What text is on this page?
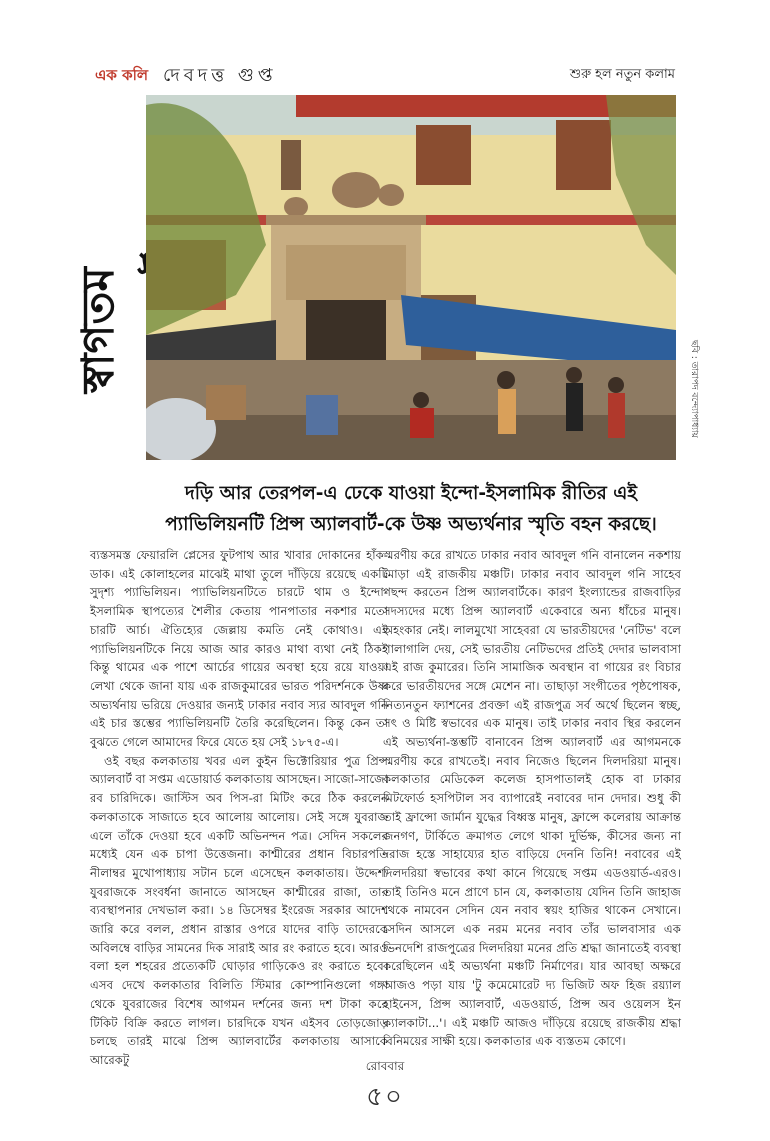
এক কলি দেবদত্ত গুপ্ত	শুরু হল নতুন কলাম
স্বাগতম	ছবি : তারাপদ বন্দ্যোপাধ্যায়
দড়ি আর তেরপল-এ ঢেকে যাওয়া ইন্দো-ইসলামিক রীতির এই প্যাভিলিয়নটি প্রিন্স অ্যালবার্ট-কে উষ্ণ অভ্যর্থনার স্মৃতি বহন করছে।

ব্যস্তসমস্ত ফেয়ারলি প্লেসের ফুটপাথ আর খাবার দোকানের হাঁক-ডাক। এই কোলাহলের মাঝেই মাথা তুলে দাঁড়িয়ে রয়েছে একটি সুদৃশ্য প্যাভিলিয়ন। প্যাভিলিয়নটিতে চারটে থাম ও ইন্দো-ইসলামিক স্থাপত্যের শৈলীর কেতায় পানপাতার নকশার মতো চারটি আর্চ। ঐতিহ্যের জেল্লায় কমতি নেই কোথাও। এই প্যাভিলিয়নটিকে নিয়ে আজ আর কারও মাথা ব্যথা নেই ঠিকই কিন্তু থামের এক পাশে আর্চের গায়ের অবস্থা হয়ে রয়ে যাওয়া লেখা থেকে জানা যায় এক রাজকুমারের ভারত পরিদর্শনকে উষ্ণ অভ্যর্থনায় ভরিয়ে দেওয়ার জন্যই ঢাকার নবাব স্যর আবদুল গনি এই চার স্তম্ভের প্যাভিলিয়নটি তৈরি করেছিলেন। কিন্তু কেন তা বুঝতে গেলে আমাদের ফিরে যেতে হয় সেই ১৮৭৫-এ।

ওই বছর কলকাতায় খবর এল কুইন ভিক্টোরিয়ার পুত্র প্রিন্স অ্যালবার্ট বা সপ্তম এডোয়ার্ড কলকাতায় আসছেন। সাজো-সাজো রব চারিদিকে। জাস্টিস অব পিস-রা মিটিং করে ঠিক করলেন কলকাতাকে সাজাতে হবে আলোয় আলোয়। সেই সঙ্গে যুবরাজ এলে তাঁকে দেওয়া হবে একটি অভিনন্দন পত্র। সেদিন সকলের মধ্যেই যেন এক চাপা উত্তেজনা। কাশ্মীরের প্রধান বিচারপতি নীলাম্বর মুখোপাধ্যায় সটান চলে এসেছেন কলকাতায়। উদ্দেশ্য যুবরাজকে সংবর্ধনা জানাতে আসছেন কাশ্মীরের রাজা, তার ব্যবস্থাপনার দেখভাল করা। ১৪ ডিসেম্বর ইংরেজ সরকার আদেশ জারি করে বলল, প্রধান রাস্তার ওপরে যাদের বাড়ি তাদেরকে অবিলম্বে বাড়ির সামনের দিক সারাই আর রং করাতে হবে। আরও বলা হল শহরের প্রত্যেকটি ঘোড়ার গাড়িকেও রং করাতে হবে। এসব দেখে কলকাতার বিলিতি স্টিমার কোম্পানিগুলো গঙ্গা থেকে যুবরাজের বিশেষ আগমন দর্শনের জন্য দশ টাকা করে টিকিট বিক্রি করতে লাগল। চারদিকে যখন এইসব তোড়জোড় চলছে তারই মাঝে প্রিন্স অ্যালবার্টের কলকাতায় আসাকে আরেকটু

স্মরণীয় করে রাখতে ঢাকার নবাব আবদুল গনি বানালেন নকশায় মোড়া এই রাজকীয় মঞ্চটি। ঢাকার নবাব আবদুল গনি সাহেব পছন্দ করতেন প্রিন্স অ্যালবার্টকে। কারণ ইংল্যান্ডের রাজবাড়ির সদস্যদের মধ্যে প্রিন্স অ্যালবার্ট একেবারে অন্য ধাঁচের মানুষ। অহংকার নেই। লালমুখো সাহেবরা যে ভারতীয়দের 'নেটিভ' বলে গালাগালি দেয়, সেই ভারতীয় নেটিভদের প্রতিই দেদার ভালবাসা এই রাজ কুমারের। তিনি সামাজিক অবস্থান বা গায়ের রং বিচার করে ভারতীয়দের সঙ্গে মেশেন না। তাছাড়া সংগীতের পৃষ্ঠপোষক, নিত্যনতুন ফ্যাশনের প্রবক্তা এই রাজপুত্র সর্ব অর্থে ছিলেন স্বচ্ছ, সৎ ও মিষ্টি স্বভাবের এক মানুষ। তাই ঢাকার নবাব স্থির করলেন এই অভ্যর্থনা-স্তম্ভটি বানাবেন প্রিন্স অ্যালবার্ট এর আগমনকে স্মরণীয় করে রাখতেই। নবাব নিজেও ছিলেন দিলদরিয়া মানুষ। কলকাতার মেডিকেল কলেজ হাসপাতালই হোক বা ঢাকার মিটফোর্ড হসপিটাল সব ব্যাপারেই নবাবের দান দেদার। শুধু কী তাই ফ্রান্সো জার্মান যুদ্ধের বিধ্বস্ত মানুষ, ফ্রান্সে কলেরায় আক্রান্ত জনগণ, টার্কিতে ক্রমাগত লেগে থাকা দুর্ভিক্ষ, কীসের জন্য না দরাজ হস্তে সাহায্যের হাত বাড়িয়ে দেননি তিনি! নবাবের এই দিলদরিয়া স্বভাবের কথা কানে গিয়েছে সপ্তম এডওয়ার্ড-এরও। তাই তিনিও মনে প্রাণে চান যে, কলকাতায় যেদিন তিনি জাহাজ থেকে নামবেন সেদিন যেন নবাব স্বয়ং হাজির থাকেন সেখানে। সেদিন আসলে এক নরম মনের নবাব তাঁর ভালবাসার এক ভিনদেশি রাজপুত্রের দিলদরিয়া মনের প্রতি শ্রদ্ধা জানাতেই ব্যবস্থা করেছিলেন এই অভ্যর্থনা মঞ্চটি নির্মাণের। যার আবছা অক্ষরে আজও পড়া যায় 'টু কমেমোরেট দ্য ভিজিট অফ হিজ রয়্যাল হাইনেস, প্রিন্স অ্যালবার্ট, এডওয়ার্ড, প্রিন্স অব ওয়েলস ইন ক্যালকাটা...'। এই মঞ্চটি আজও দাঁড়িয়ে রয়েছে রাজকীয় শ্রদ্ধা বিনিময়ের সাক্ষী হয়ে। কলকাতার এক ব্যস্ততম কোণে।

রোববার
৫০
